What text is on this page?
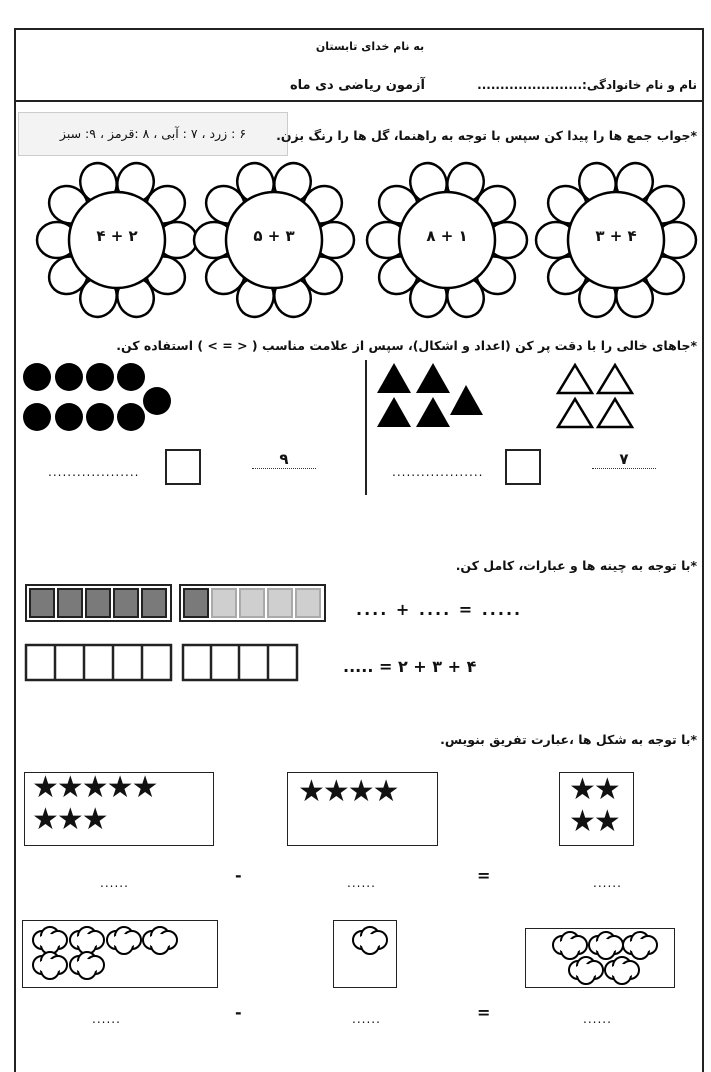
به نام خدای تابستان
نام و نام خانوادگی:.......................
آزمون ریاضی دی ماه
۶ : زرد ، ۷ : آبی ، ۸ :قرمز ، ۹: سبز	*جواب جمع ها را پیدا کن سپس با توجه به راهنما، گل ها را رنگ بزن.
۴ + ۲	۵ + ۳	۸ + ۱	۳ + ۴
*جاهای خالی را با دقت پر کن (اعداد و اشکال)، سپس از علامت مناسب ( < = > ) استفاده کن.
...................
۹
...................
۷
*با توجه به چینه ها و عبارات، کامل کن.
.... + .... = .....
۴ + ۳ + ۲ = .....
*با توجه به شکل ها ،عبارت تفریق بنویس.
★★★★★
★★★
★★★★	★★
★★
......	-	......	=	......
......	-	......	=	......
